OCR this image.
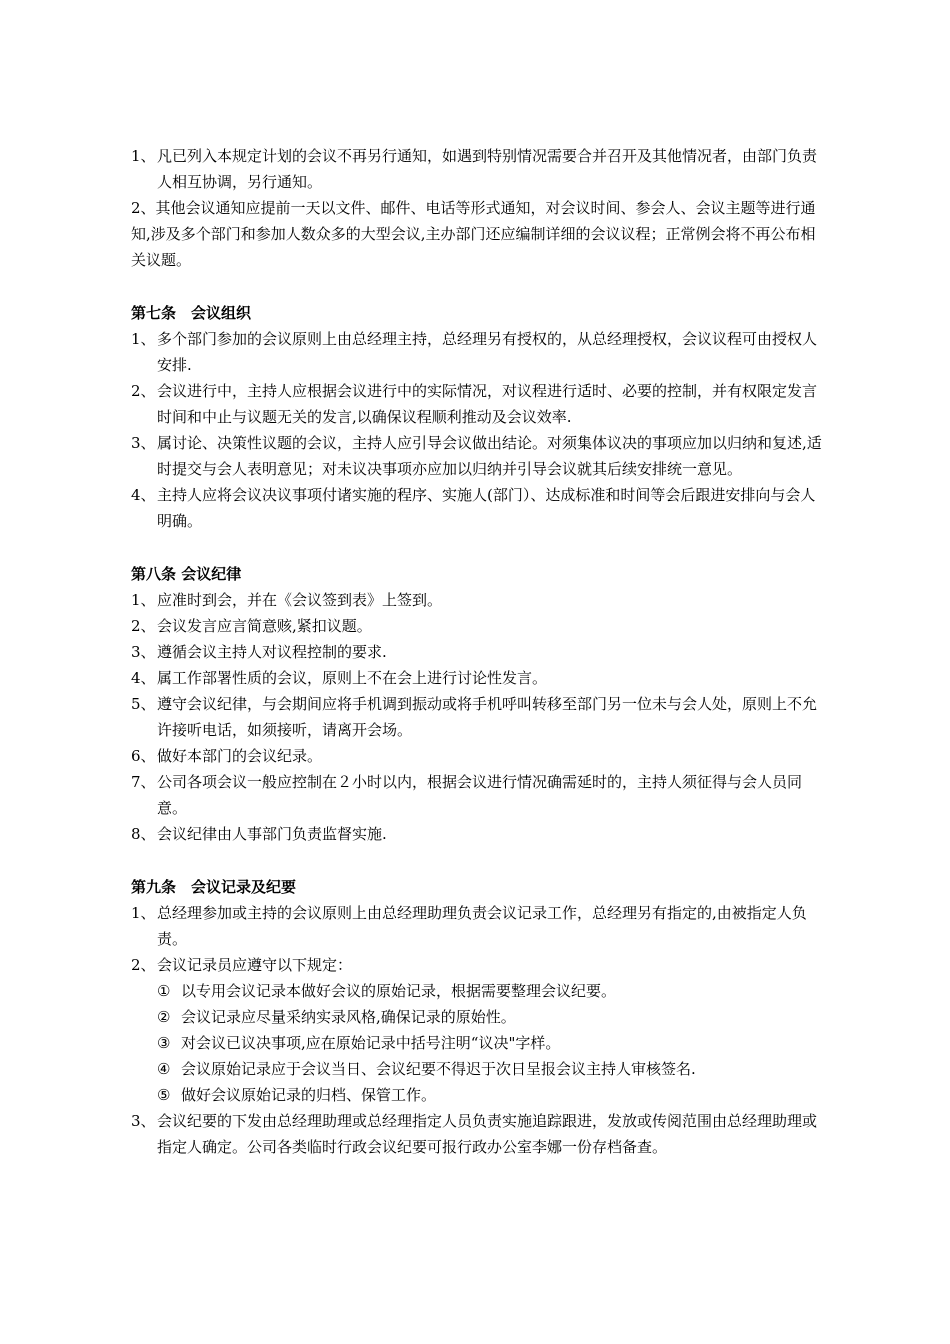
1、 凡已列入本规定计划的会议不再另行通知，如遇到特别情况需要合并召开及其他情况者，由部门负责人相互协调，另行通知。

2、其他会议通知应提前一天以文件、邮件、电话等形式通知，对会议时间、参会人、会议主题等进行通知,涉及多个部门和参加人数众多的大型会议,主办部门还应编制详细的会议议程；正常例会将不再公布相关议题。

第七条　会议组织

1、 多个部门参加的会议原则上由总经理主持，总经理另有授权的，从总经理授权，会议议程可由授权人安排.

2、 会议进行中，主持人应根据会议进行中的实际情况，对议程进行适时、必要的控制，并有权限定发言时间和中止与议题无关的发言,以确保议程顺利推动及会议效率.

3、 属讨论、决策性议题的会议，主持人应引导会议做出结论。对须集体议决的事项应加以归纳和复述,适时提交与会人表明意见；对未议决事项亦应加以归纳并引导会议就其后续安排统一意见。

4、 主持人应将会议决议事项付诸实施的程序、实施人(部门）、达成标准和时间等会后跟进安排向与会人明确。

第八条 会议纪律

1、 应准时到会，并在《会议签到表》上签到。

2、 会议发言应言简意赅,紧扣议题。

3、 遵循会议主持人对议程控制的要求.

4、 属工作部署性质的会议，原则上不在会上进行讨论性发言。

5、 遵守会议纪律，与会期间应将手机调到振动或将手机呼叫转移至部门另一位未与会人处，原则上不允许接听电话，如须接听，请离开会场。

6、 做好本部门的会议纪录。

7、 公司各项会议一般应控制在２小时以内，根据会议进行情况确需延时的，主持人须征得与会人员同意。

8、 会议纪律由人事部门负责监督实施.

第九条　会议记录及纪要

1、 总经理参加或主持的会议原则上由总经理助理负责会议记录工作，总经理另有指定的,由被指定人负责。

2、 会议记录员应遵守以下规定：

① 以专用会议记录本做好会议的原始记录，根据需要整理会议纪要。

② 会议记录应尽量采纳实录风格,确保记录的原始性。

③ 对会议已议决事项,应在原始记录中括号注明“议决"字样。

④ 会议原始记录应于会议当日、会议纪要不得迟于次日呈报会议主持人审核签名.

⑤ 做好会议原始记录的归档、保管工作。

3、 会议纪要的下发由总经理助理或总经理指定人员负责实施追踪跟进，发放或传阅范围由总经理助理或指定人确定。公司各类临时行政会议纪要可报行政办公室李娜一份存档备查。
